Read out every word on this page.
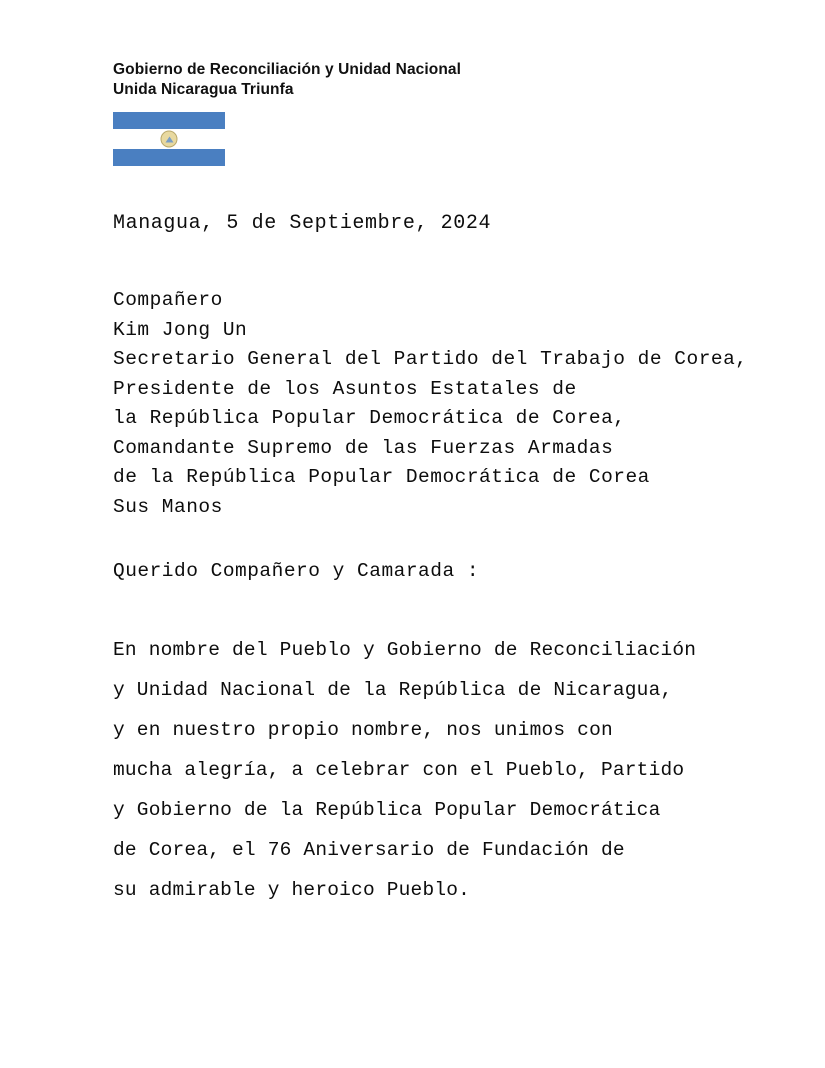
Gobierno de Reconciliación y Unidad Nacional
Unida Nicaragua Triunfa
Managua, 5 de Septiembre, 2024
Compañero
Kim Jong Un
Secretario General del Partido del Trabajo de Corea,
Presidente de los Asuntos Estatales de
la República Popular Democrática de Corea,
Comandante Supremo de las Fuerzas Armadas
de la República Popular Democrática de Corea
Sus Manos
Querido Compañero y Camarada :
En nombre del Pueblo y Gobierno de Reconciliación
y Unidad Nacional de la República de Nicaragua,
y en nuestro propio nombre, nos unimos con
mucha alegría, a celebrar con el Pueblo, Partido
y Gobierno de la República Popular Democrática
de Corea, el 76 Aniversario de Fundación de
su admirable y heroico Pueblo.
